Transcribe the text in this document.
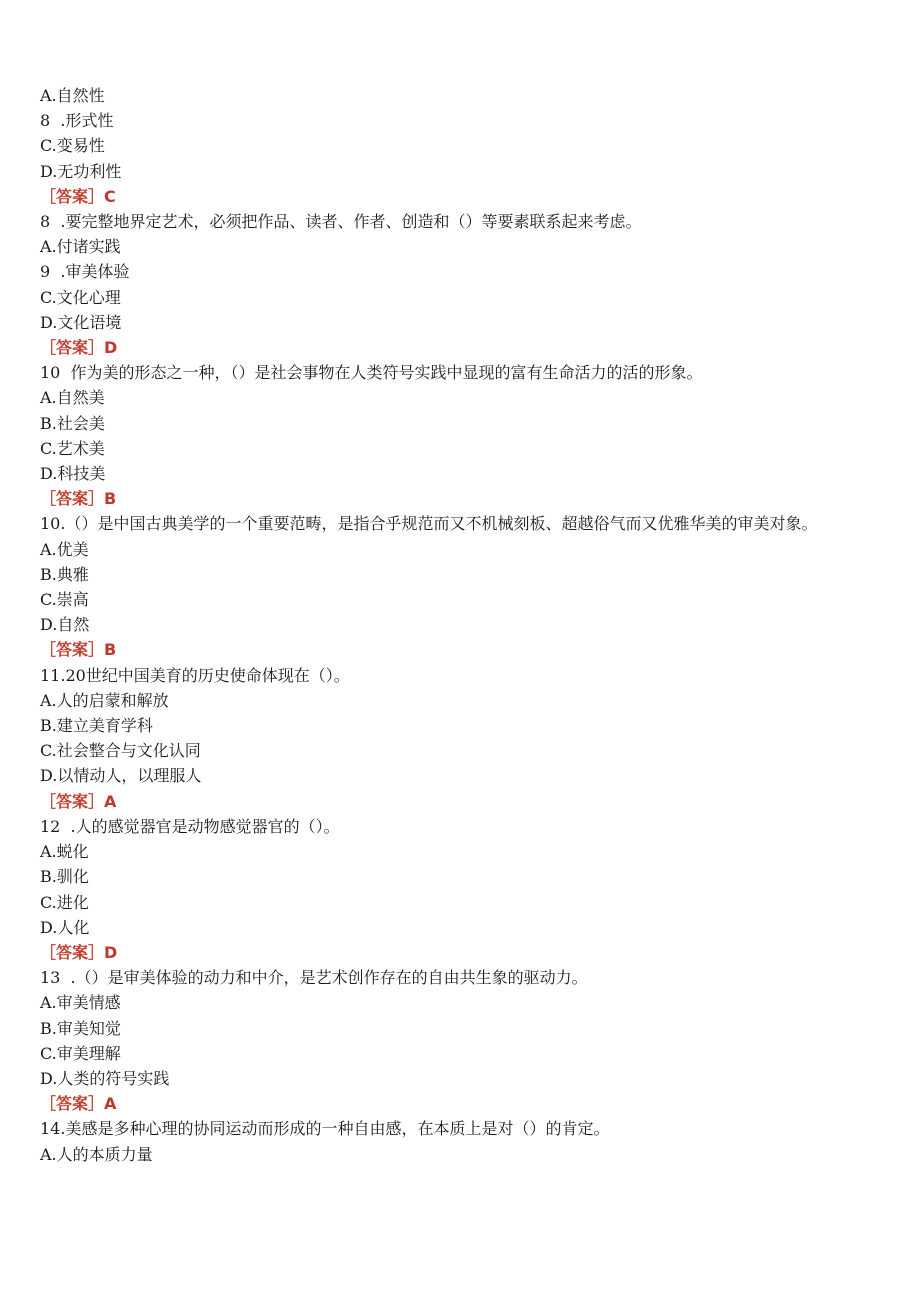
A.自然性
8  .形式性
C.变易性
D.无功利性
［答案］C
8  .要完整地界定艺术，必须把作品、读者、作者、创造和（）等要素联系起来考虑。
A.付诸实践
9  .审美体验
C.文化心理
D.文化语境
［答案］D
10  作为美的形态之一种，（）是社会事物在人类符号实践中显现的富有生命活力的活的形象。
A.自然美
B.社会美
C.艺术美
D.科技美
［答案］B
10.（）是中国古典美学的一个重要范畴，是指合乎规范而又不机械刻板、超越俗气而又优雅华美的审美对象。
A.优美
B.典雅
C.崇高
D.自然
［答案］B
11.20世纪中国美育的历史使命体现在（）。
A.人的启蒙和解放
B.建立美育学科
C.社会整合与文化认同
D.以情动人，以理服人
［答案］A
12  .人的感觉器官是动物感觉器官的（）。
A.蜕化
B.驯化
C.进化
D.人化
［答案］D
13  .（）是审美体验的动力和中介，是艺术创作存在的自由共生象的驱动力。
A.审美情感
B.审美知觉
C.审美理解
D.人类的符号实践
［答案］A
14.美感是多种心理的协同运动而形成的一种自由感，在本质上是对（）的肯定。
A.人的本质力量
